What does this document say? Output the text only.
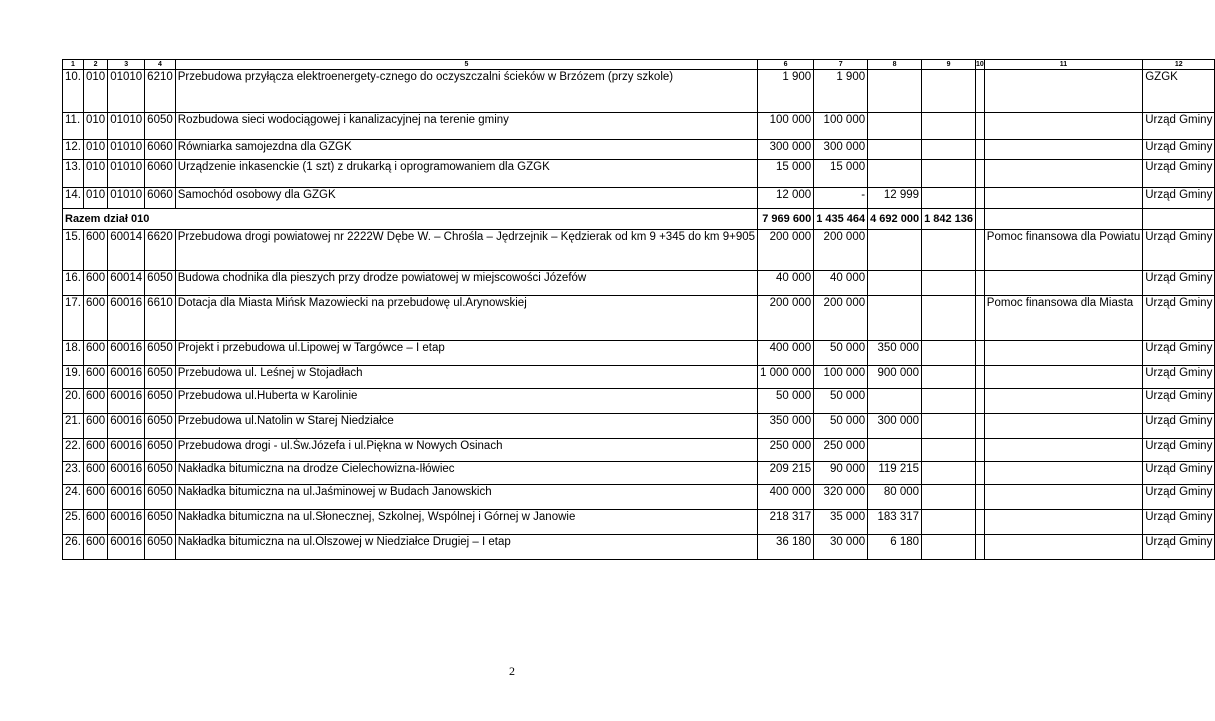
1	2	3	4	5	6	7	8	9	10	11	12
10.	010	01010	6210	Przebudowa przyłącza elektroenergety-cznego do oczyszczalni ścieków w Brzózem (przy szkole)	1 900	1 900					GZGK
11.	010	01010	6050	Rozbudowa sieci wodociągowej i kanalizacyjnej na terenie gminy	100 000	100 000					Urząd Gminy
12.	010	01010	6060	Równiarka samojezdna dla GZGK	300 000	300 000					Urząd Gminy
13.	010	01010	6060	Urządzenie inkasenckie (1 szt) z drukarką i oprogramowaniem dla GZGK	15 000	15 000					Urząd Gminy
14.	010	01010	6060	Samochód osobowy dla GZGK	12 000	-	12 999				Urząd Gminy
Razem dział 010					7 969 600	1 435 464	4 692 000	1 842 136			
15.	600	60014	6620	Przebudowa drogi powiatowej nr 2222W Dębe W. – Chrośla – Jędrzejnik – Kędzierak od km 9 +345 do km 9+905	200 000	200 000				Pomoc finansowa dla Powiatu	Urząd Gminy
16.	600	60014	6050	Budowa chodnika dla pieszych przy drodze powiatowej w miejscowości Józefów	40 000	40 000					Urząd Gminy
17.	600	60016	6610	Dotacja dla Miasta Mińsk Mazowiecki na przebudowę ul.Arynowskiej	200 000	200 000				Pomoc finansowa dla Miasta	Urząd Gminy
18.	600	60016	6050	Projekt i przebudowa ul.Lipowej w Targówce – I etap	400 000	50 000	350 000				Urząd Gminy
19.	600	60016	6050	Przebudowa ul. Leśnej w Stojadłach	1 000 000	100 000	900 000				Urząd Gminy
20.	600	60016	6050	Przebudowa ul.Huberta w Karolinie	50 000	50 000					Urząd Gminy
21.	600	60016	6050	Przebudowa ul.Natolin w Starej Niedziałce	350 000	50 000	300 000				Urząd Gminy
22.	600	60016	6050	Przebudowa drogi - ul.Św.Józefa i ul.Piękna w Nowych Osinach	250 000	250 000					Urząd Gminy
23.	600	60016	6050	Nakładka bitumiczna na drodze Cielechowizna-Iłówiec	209 215	90 000	119 215				Urząd Gminy
24.	600	60016	6050	Nakładka bitumiczna na ul.Jaśminowej w Budach Janowskich	400 000	320 000	80 000				Urząd Gminy
25.	600	60016	6050	Nakładka bitumiczna na ul.Słonecznej, Szkolnej, Wspólnej i Górnej w Janowie	218 317	35 000	183 317				Urząd Gminy
26.	600	60016	6050	Nakładka bitumiczna na ul.Olszowej w Niedziałce Drugiej – I etap	36 180	30 000	6 180				Urząd Gminy
2
